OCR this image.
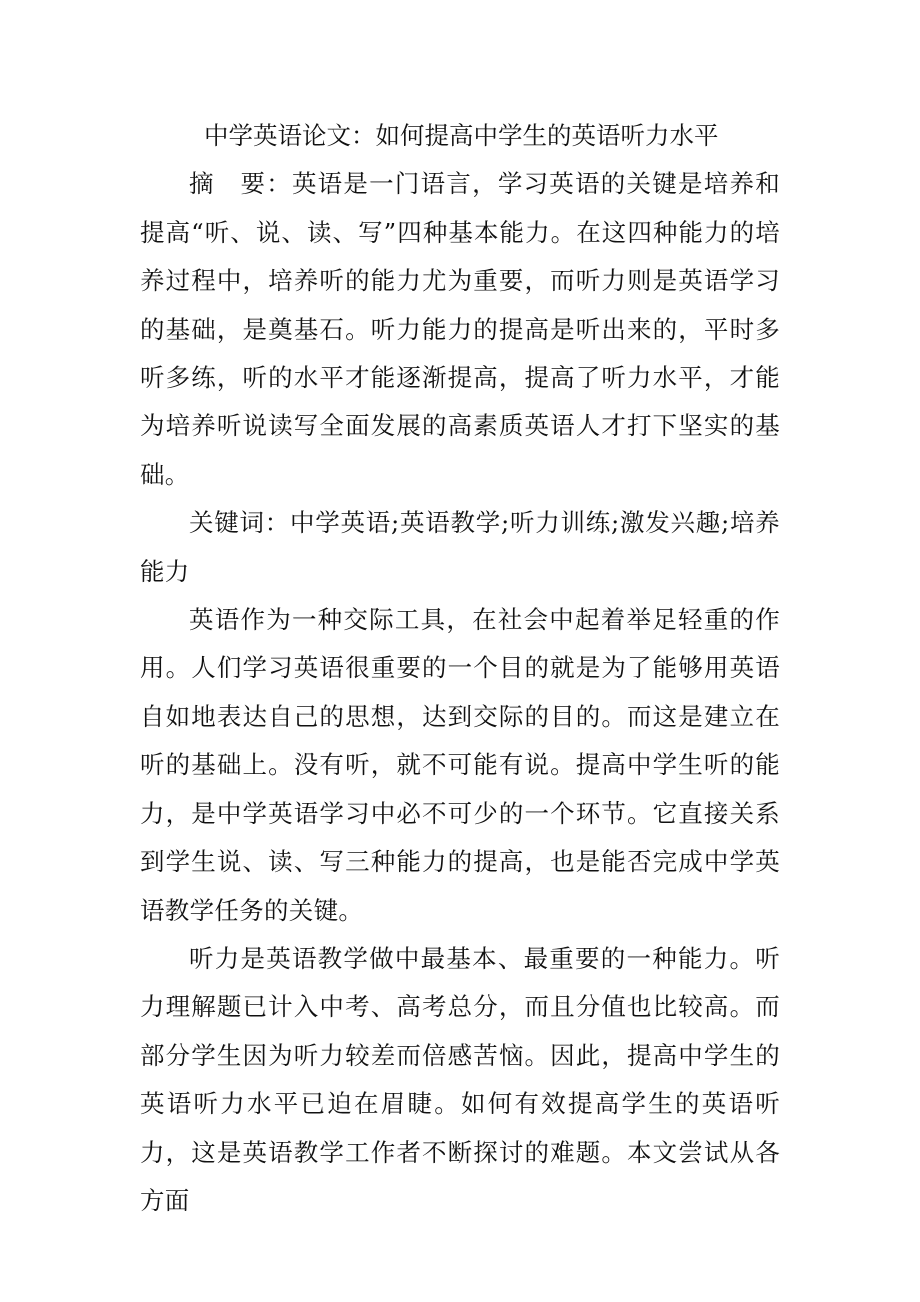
中学英语论文：如何提高中学生的英语听力水平

摘　要：英语是一门语言，学习英语的关键是培养和提高“听、说、读、写”四种基本能力。在这四种能力的培养过程中，培养听的能力尤为重要，而听力则是英语学习的基础，是奠基石。听力能力的提高是听出来的，平时多听多练，听的水平才能逐渐提高，提高了听力水平，才能为培养听说读写全面发展的高素质英语人才打下坚实的基础。

关键词：中学英语;英语教学;听力训练;激发兴趣;培养能力

英语作为一种交际工具，在社会中起着举足轻重的作用。人们学习英语很重要的一个目的就是为了能够用英语自如地表达自己的思想，达到交际的目的。而这是建立在听的基础上。没有听，就不可能有说。提高中学生听的能力，是中学英语学习中必不可少的一个环节。它直接关系到学生说、读、写三种能力的提高，也是能否完成中学英语教学任务的关键。

听力是英语教学做中最基本、最重要的一种能力。听力理解题已计入中考、高考总分，而且分值也比较高。而部分学生因为听力较差而倍感苦恼。因此，提高中学生的英语听力水平已迫在眉睫。如何有效提高学生的英语听力，这是英语教学工作者不断探讨的难题。本文尝试从各方面
